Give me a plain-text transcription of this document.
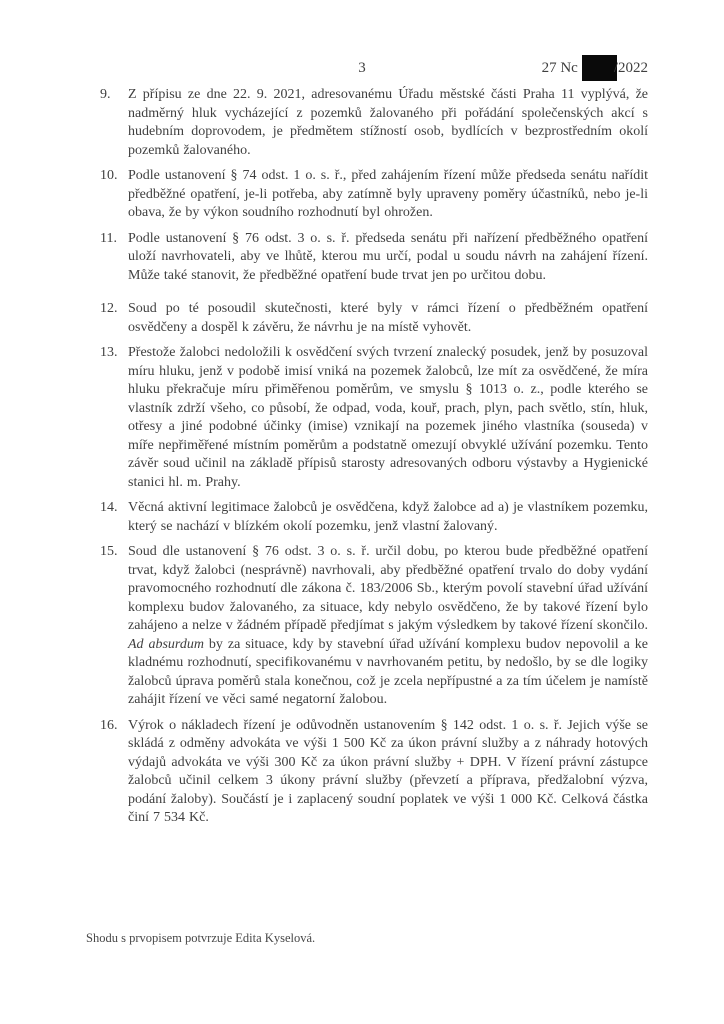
3	27 Nc /2022
9.	Z přípisu ze dne 22. 9. 2021, adresovanému Úřadu městské části Praha 11 vyplývá, že nadměrný hluk vycházející z pozemků žalovaného při pořádání společenských akcí s hudebním doprovodem, je předmětem stížností osob, bydlících v bezprostředním okolí pozemků žalovaného.
10. Podle ustanovení § 74 odst. 1 o. s. ř., před zahájením řízení může předseda senátu nařídit předběžné opatření, je-li potřeba, aby zatímně byly upraveny poměry účastníků, nebo je-li obava, že by výkon soudního rozhodnutí byl ohrožen.
11. Podle ustanovení § 76 odst. 3 o. s. ř. předseda senátu při nařízení předběžného opatření uloží navrhovateli, aby ve lhůtě, kterou mu určí, podal u soudu návrh na zahájení řízení. Může také stanovit, že předběžné opatření bude trvat jen po určitou dobu.
12. Soud po té posoudil skutečnosti, které byly v rámci řízení o předběžném opatření osvědčeny a dospěl k závěru, že návrhu je na místě vyhovět.
13. Přestože žalobci nedoložili k osvědčení svých tvrzení znalecký posudek, jenž by posuzoval míru hluku, jenž v podobě imisí vniká na pozemek žalobců, lze mít za osvědčené, že míra hluku překračuje míru přiměřenou poměrům, ve smyslu § 1013 o. z., podle kterého se vlastník zdrží všeho, co působí, že odpad, voda, kouř, prach, plyn, pach světlo, stín, hluk, otřesy a jiné podobné účinky (imise) vznikají na pozemek jiného vlastníka (souseda) v míře nepřiměřené místním poměrům a podstatně omezují obvyklé užívání pozemku. Tento závěr soud učinil na základě přípisů starosty adresovaných odboru výstavby a Hygienické stanici hl. m. Prahy.
14. Věcná aktivní legitimace žalobců je osvědčena, když žalobce ad a) je vlastníkem pozemku, který se nachází v blízkém okolí pozemku, jenž vlastní žalovaný.
15. Soud dle ustanovení § 76 odst. 3 o. s. ř. určil dobu, po kterou bude předběžné opatření trvat, když žalobci (nesprávně) navrhovali, aby předběžné opatření trvalo do doby vydání pravomocného rozhodnutí dle zákona č. 183/2006 Sb., kterým povolí stavební úřad užívání komplexu budov žalovaného, za situace, kdy nebylo osvědčeno, že by takové řízení bylo zahájeno a nelze v žádném případě předjímat s jakým výsledkem by takové řízení skončilo. Ad absurdum by za situace, kdy by stavební úřad užívání komplexu budov nepovolil a ke kladnému rozhodnutí, specifikovanému v navrhovaném petitu, by nedošlo, by se dle logiky žalobců úprava poměrů stala konečnou, což je zcela nepřípustné a za tím účelem je namístě zahájit řízení ve věci samé negatorní žalobou.
16. Výrok o nákladech řízení je odůvodněn ustanovením § 142 odst. 1 o. s. ř. Jejich výše se skládá z odměny advokáta ve výši 1 500 Kč za úkon právní služby a z náhrady hotových výdajů advokáta ve výši 300 Kč za úkon právní služby + DPH. V řízení právní zástupce žalobců učinil celkem 3 úkony právní služby (převzetí a příprava, předžalobní výzva, podání žaloby). Součástí je i zaplacený soudní poplatek ve výši 1 000 Kč. Celková částka činí 7 534 Kč.
Shodu s prvopisem potvrzuje Edita Kyselová.
